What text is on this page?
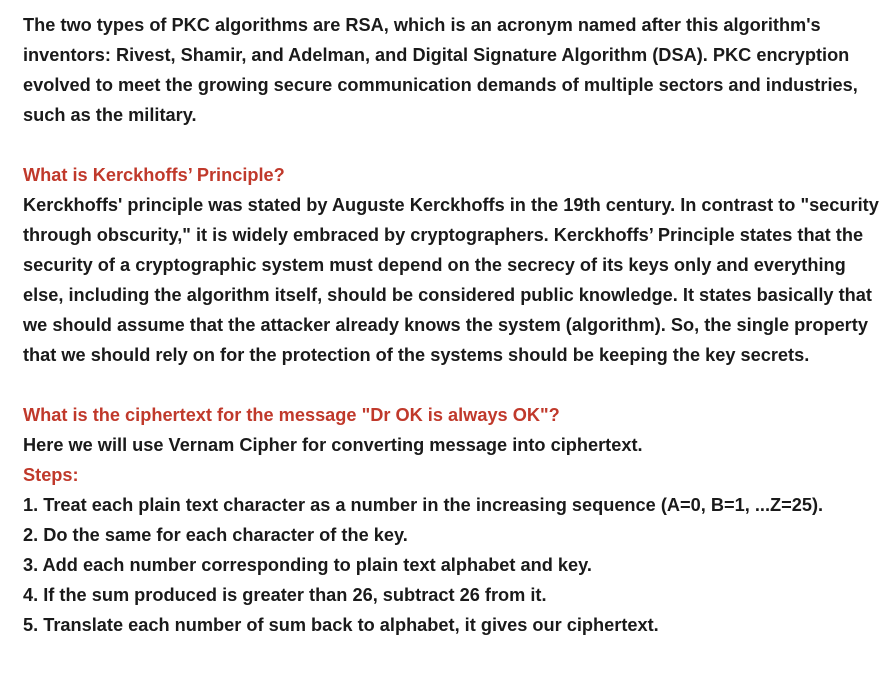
The two types of PKC algorithms are RSA, which is an acronym named after this algorithm's inventors: Rivest, Shamir, and Adelman, and Digital Signature Algorithm (DSA). PKC encryption evolved to meet the growing secure communication demands of multiple sectors and industries, such as the military.

What is Kerckhoffs’ Principle?

Kerckhoffs' principle was stated by Auguste Kerckhoffs in the 19th century. In contrast to "security through obscurity," it is widely embraced by cryptographers. Kerckhoffs’ Principle states that the security of a cryptographic system must depend on the secrecy of its keys only and everything else, including the algorithm itself, should be considered public knowledge. It states basically that we should assume that the attacker already knows the system (algorithm). So, the single property that we should rely on for the protection of the systems should be keeping the key secrets.

What is the ciphertext for the message "Dr OK is always OK"?

Here we will use Vernam Cipher for converting message into ciphertext.

Steps:

1. Treat each plain text character as a number in the increasing sequence (A=0, B=1, ...Z=25).

2. Do the same for each character of the key.

3. Add each number corresponding to plain text alphabet and key.

4. If the sum produced is greater than 26, subtract 26 from it.

5. Translate each number of sum back to alphabet, it gives our ciphertext.
